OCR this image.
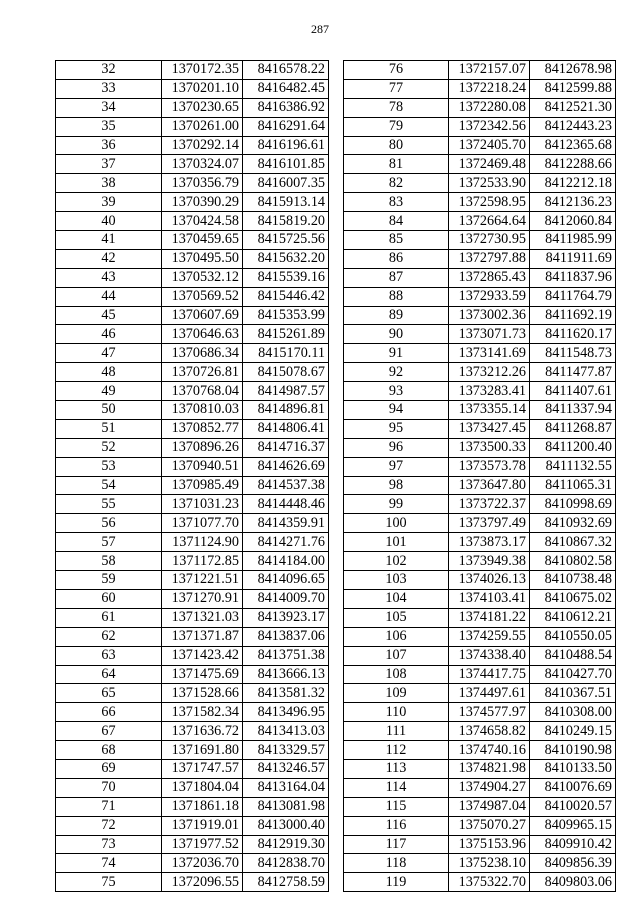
287
32	1370172.35	8416578.22
33	1370201.10	8416482.45
34	1370230.65	8416386.92
35	1370261.00	8416291.64
36	1370292.14	8416196.61
37	1370324.07	8416101.85
38	1370356.79	8416007.35
39	1370390.29	8415913.14
40	1370424.58	8415819.20
41	1370459.65	8415725.56
42	1370495.50	8415632.20
43	1370532.12	8415539.16
44	1370569.52	8415446.42
45	1370607.69	8415353.99
46	1370646.63	8415261.89
47	1370686.34	8415170.11
48	1370726.81	8415078.67
49	1370768.04	8414987.57
50	1370810.03	8414896.81
51	1370852.77	8414806.41
52	1370896.26	8414716.37
53	1370940.51	8414626.69
54	1370985.49	8414537.38
55	1371031.23	8414448.46
56	1371077.70	8414359.91
57	1371124.90	8414271.76
58	1371172.85	8414184.00
59	1371221.51	8414096.65
60	1371270.91	8414009.70
61	1371321.03	8413923.17
62	1371371.87	8413837.06
63	1371423.42	8413751.38
64	1371475.69	8413666.13
65	1371528.66	8413581.32
66	1371582.34	8413496.95
67	1371636.72	8413413.03
68	1371691.80	8413329.57
69	1371747.57	8413246.57
70	1371804.04	8413164.04
71	1371861.18	8413081.98
72	1371919.01	8413000.40
73	1371977.52	8412919.30
74	1372036.70	8412838.70
75	1372096.55	8412758.59
76	1372157.07	8412678.98
77	1372218.24	8412599.88
78	1372280.08	8412521.30
79	1372342.56	8412443.23
80	1372405.70	8412365.68
81	1372469.48	8412288.66
82	1372533.90	8412212.18
83	1372598.95	8412136.23
84	1372664.64	8412060.84
85	1372730.95	8411985.99
86	1372797.88	8411911.69
87	1372865.43	8411837.96
88	1372933.59	8411764.79
89	1373002.36	8411692.19
90	1373071.73	8411620.17
91	1373141.69	8411548.73
92	1373212.26	8411477.87
93	1373283.41	8411407.61
94	1373355.14	8411337.94
95	1373427.45	8411268.87
96	1373500.33	8411200.40
97	1373573.78	8411132.55
98	1373647.80	8411065.31
99	1373722.37	8410998.69
100	1373797.49	8410932.69
101	1373873.17	8410867.32
102	1373949.38	8410802.58
103	1374026.13	8410738.48
104	1374103.41	8410675.02
105	1374181.22	8410612.21
106	1374259.55	8410550.05
107	1374338.40	8410488.54
108	1374417.75	8410427.70
109	1374497.61	8410367.51
110	1374577.97	8410308.00
111	1374658.82	8410249.15
112	1374740.16	8410190.98
113	1374821.98	8410133.50
114	1374904.27	8410076.69
115	1374987.04	8410020.57
116	1375070.27	8409965.15
117	1375153.96	8409910.42
118	1375238.10	8409856.39
119	1375322.70	8409803.06
